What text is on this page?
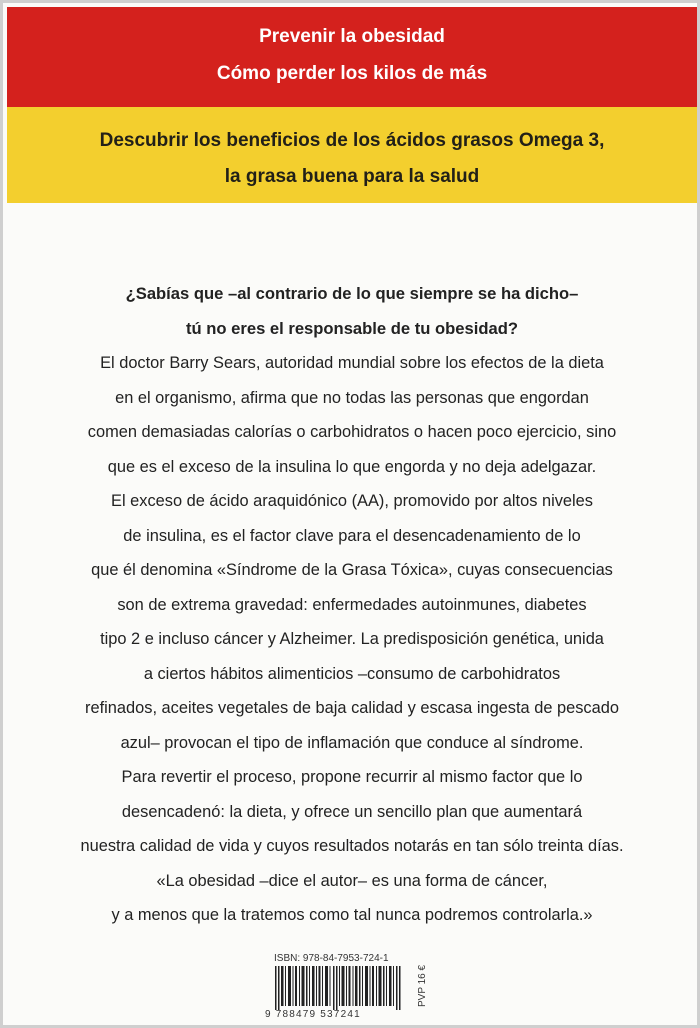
Prevenir la obesidad
Cómo perder los kilos de más
Descubrir los beneficios de los ácidos grasos Omega 3,
la grasa buena para la salud
¿Sabías que –al contrario de lo que siempre se ha dicho–
tú no eres el responsable de tu obesidad?
El doctor Barry Sears, autoridad mundial sobre los efectos de la dieta
en el organismo, afirma que no todas las personas que engordan
comen demasiadas calorías o carbohidratos o hacen poco ejercicio, sino
que es el exceso de la insulina lo que engorda y no deja adelgazar.
El exceso de ácido araquidónico (AA), promovido por altos niveles
de insulina, es el factor clave para el desencadenamiento de lo
que él denomina «Síndrome de la Grasa Tóxica», cuyas consecuencias
son de extrema gravedad: enfermedades autoinmunes, diabetes
tipo 2 e incluso cáncer y Alzheimer. La predisposición genética, unida
a ciertos hábitos alimenticios –consumo de carbohidratos
refinados, aceites vegetales de baja calidad y escasa ingesta de pescado
azul– provocan el tipo de inflamación que conduce al síndrome.
Para revertir el proceso, propone recurrir al mismo factor que lo
desencadenó: la dieta, y ofrece un sencillo plan que aumentará
nuestra calidad de vida y cuyos resultados notarás en tan sólo treinta días.
«La obesidad –dice el autor– es una forma de cáncer,
y a menos que la tratemos como tal nunca podremos controlarla.»
ISBN: 978-84-7953-724-1
9 788479 537241
PVP 16 €
